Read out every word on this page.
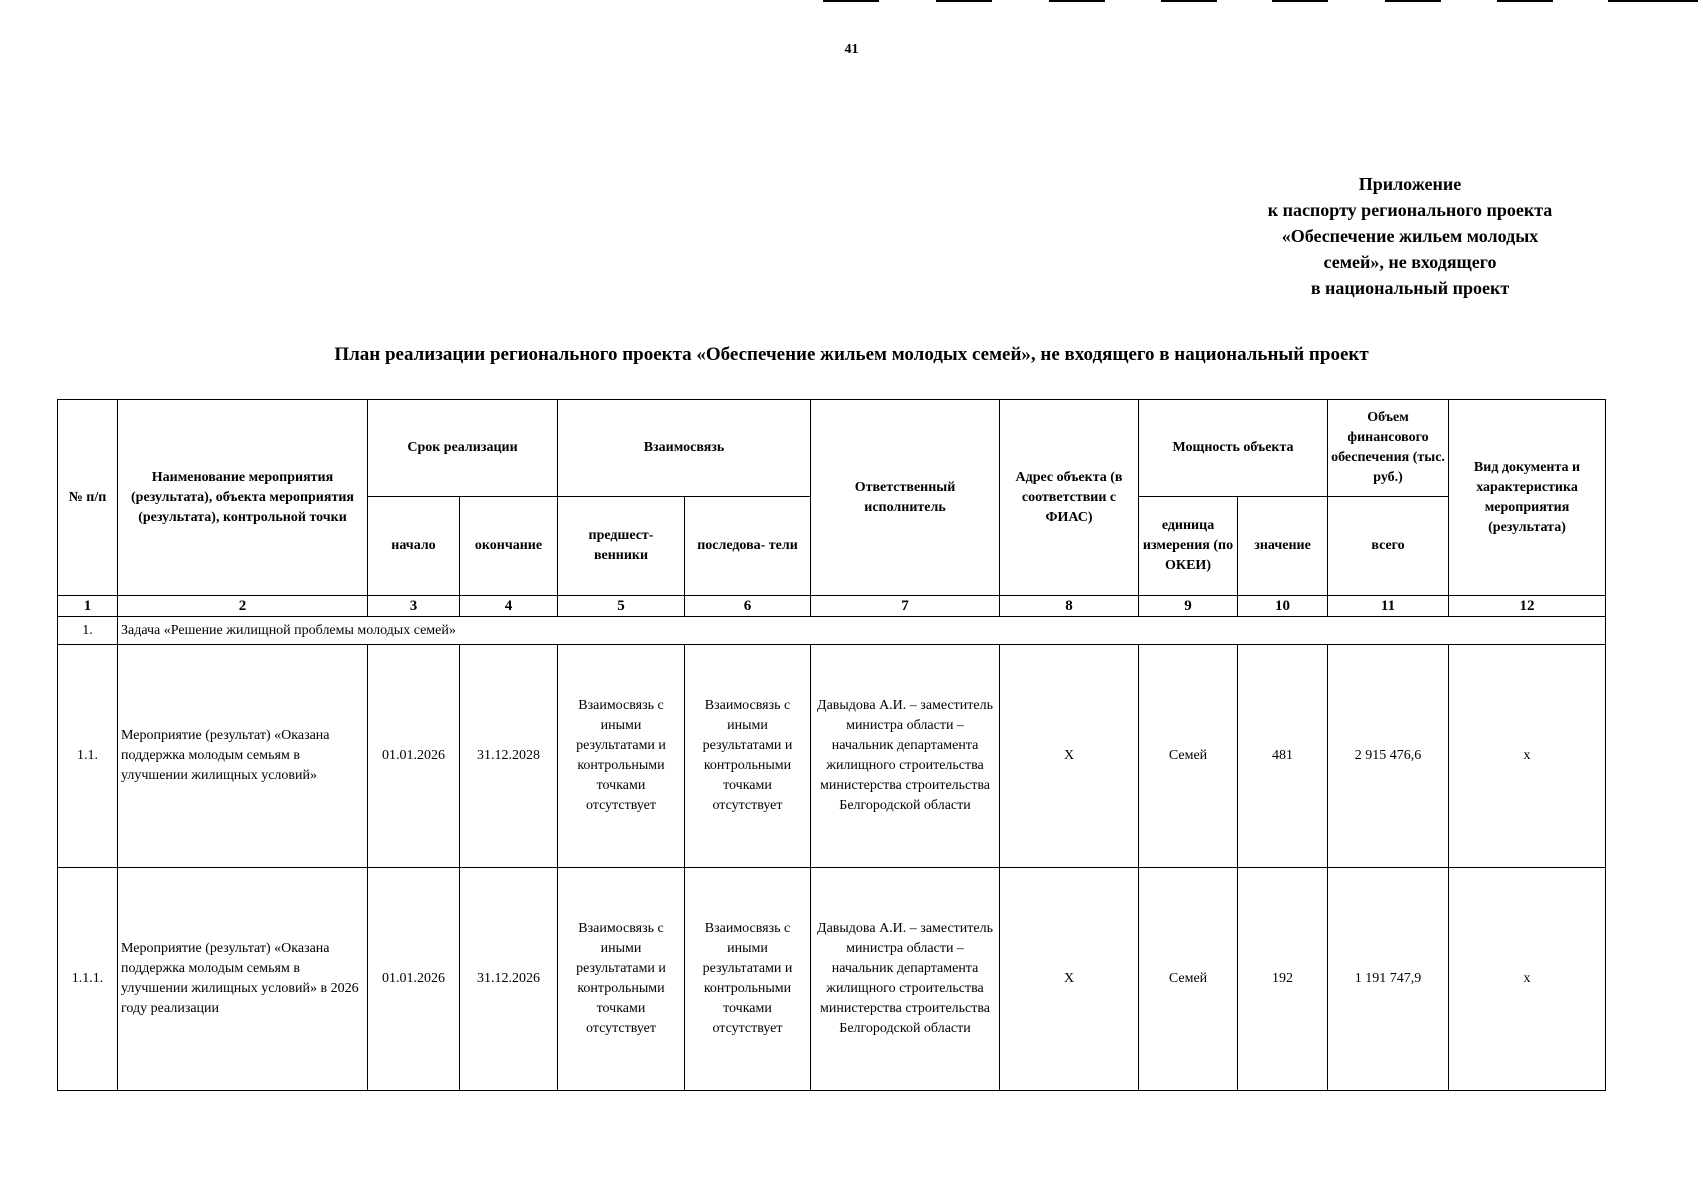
41
Приложение
к паспорту регионального проекта
«Обеспечение жильем молодых
семей», не входящего
в национальный проект
План реализации регионального проекта «Обеспечение жильем молодых семей», не входящего в национальный проект
№ п/п	Наименование мероприятия (результата), объекта мероприятия (результата), контрольной точки	Срок реализации		Взаимосвязь		Ответственный исполнитель	Адрес объекта (в соответствии с ФИАС)	Мощность объекта		Объем финансового обеспечения (тыс. руб.)	Вид документа и характеристика мероприятия (результата)
		начало	окончание	предшест- венники	последова- тели			единица измерения (по ОКЕИ)	значение	всего	
1	2	3	4	5	6	7	8	9	10	11	12
1.	Задача «Решение жилищной проблемы молодых семей»										
1.1.	Мероприятие (результат) «Оказана поддержка молодым семьям в улучшении жилищных условий»	01.01.2026	31.12.2028	Взаимосвязь с иными результатами и контрольными точками отсутствует	Взаимосвязь с иными результатами и контрольными точками отсутствует	Давыдова А.И. – заместитель министра области – начальник департамента жилищного строительства министерства строительства Белгородской области	Х	Семей	481	2 915 476,6	х
1.1.1.	Мероприятие (результат) «Оказана поддержка молодым семьям в улучшении жилищных условий» в 2026 году реализации	01.01.2026	31.12.2026	Взаимосвязь с иными результатами и контрольными точками отсутствует	Взаимосвязь с иными результатами и контрольными точками отсутствует	Давыдова А.И. – заместитель министра области – начальник департамента жилищного строительства министерства строительства Белгородской области	Х	Семей	192	1 191 747,9	х
